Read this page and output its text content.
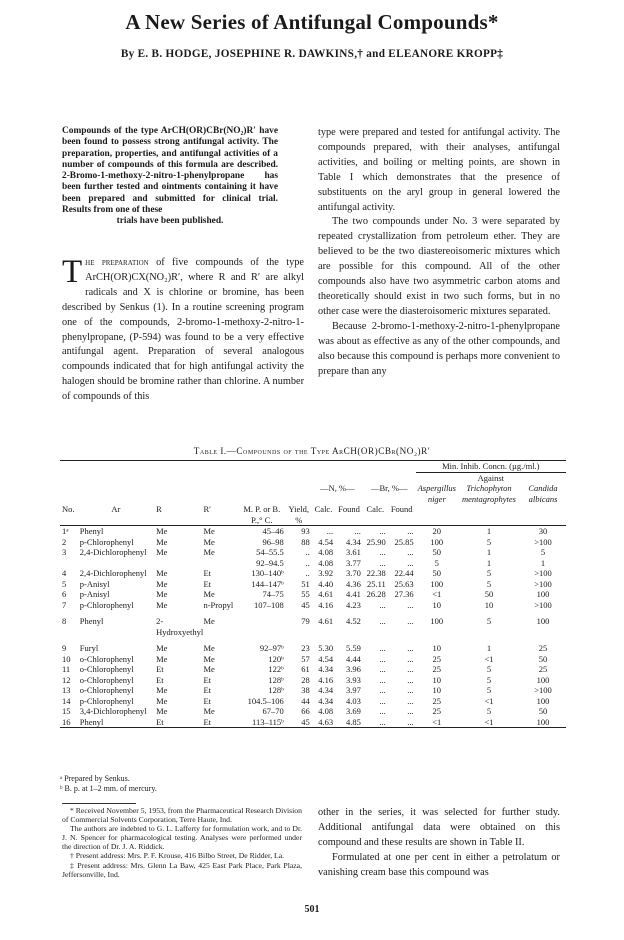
A New Series of Antifungal Compounds*
By E. B. HODGE, JOSEPHINE R. DAWKINS,† and ELEANORE KROPP‡
Compounds of the type ArCH(OR)CBr(NO₂)R′ have been found to possess strong antifungal activity. The preparation, properties, and antifungal activities of a number of compounds of this formula are described. 2-Bromo-1-methoxy-2-nitro-1-phenylpropane has been further tested and ointments containing it have been prepared and submitted for clinical trial. Results from one of these
trials have been published.
The preparation of five compounds of the type ArCH(OR)CX(NO₂)R′, where R and R′ are alkyl radicals and X is chlorine or bromine, has been described by Senkus (1). In a routine screening program one of the compounds, 2-bromo-1-methoxy-2-nitro-1-phenylpropane, (P-594) was found to be a very effective antifungal agent. Preparation of several analogous compounds indicated that for high antifungal activity the halogen should be bromine rather than chlorine. A number of compounds of this

type were prepared and tested for antifungal activity. The compounds prepared, with their analyses, antifungal activities, and boiling or melting points, are shown in Table I which demonstrates that the presence of substituents on the aryl group in general lowered the antifungal activity.

The two compounds under No. 3 were separated by repeated crystallization from petroleum ether. They are believed to be the two diastereoisomeric mixtures which are possible for this compound. All of the other compounds also have two asymmetric carbon atoms and theoretically should exist in two such forms, but in no other case were the diasteroisomeric mixtures separated.

Because 2-bromo-1-methoxy-2-nitro-1-phenylpropane was about as effective as any of the other compounds, and also because this compound is perhaps more convenient to prepare than any

Table I.—Compounds of the Type ArCH(OR)CBr(NO₂)R′
										Min. Inhib. Concn. (µg./ml.)		
										Against		
						—N, %—		—Br, %—		Aspergillus niger	Trichophyton mentagrophytes	Candida albicans
No.	Ar	R	R′	M. P. or B. P.,° C.	Yield, %	Calc.	Found	Calc.	Found			
1ᵃ	Phenyl	Me	Me	45–46	93	...	...	...	...	20	1	30
2	p-Chlorophenyl	Me	Me	96–98	88	4.54	4.34	25.90	25.85	100	5	>100
3	2,4-Dichlorophenyl	Me	Me	54–55.5	..	4.08	3.61	...	...	50	1	5
				92–94.5	..	4.08	3.77	...	...	5	1	1
4	2,4-Dichlorophenyl	Me	Et	130–140ᵇ	..	3.92	3.70	22.38	22.44	50	5	>100
5	p-Anisyl	Me	Et	144–147ᵇ	51	4.40	4.36	25.11	25.63	100	5	>100
6	p-Anisyl	Me	Me	74–75	55	4.61	4.41	26.28	27.36	<1	50	100
7	p-Chlorophenyl	Me	n-Propyl	107–108	45	4.16	4.23	...	...	10	10	>100
8	Phenyl	2-Hydroxyethyl	Me		79	4.61	4.52	...	...	100	5	100
9	Furyl	Me	Me	92–97ᵇ	23	5.30	5.59	...	...	10	1	25
10	o-Chlorophenyl	Me	Me	120ᵇ	57	4.54	4.44	...	...	25	<1	50
11	o-Chlorophenyl	Et	Me	122ᵇ	61	4.34	3.96	...	...	25	5	25
12	o-Chlorophenyl	Et	Et	128ᵇ	28	4.16	3.93	...	...	10	5	100
13	o-Chlorophenyl	Me	Et	128ᵇ	38	4.34	3.97	...	...	10	5	>100
14	p-Chlorophenyl	Me	Et	104.5–106	44	4.34	4.03	...	...	25	<1	100
15	3,4-Dichlorophenyl	Me	Me	67–70	66	4.08	3.69	...	...	25	5	50
16	Phenyl	Et	Et	113–115ᵇ	45	4.63	4.85	...	...	<1	<1	100
ᵃ Prepared by Senkus.
ᵇ B. p. at 1–2 mm. of mercury.

* Received November 5, 1953, from the Pharmaceutical Research Division of Commercial Solvents Corporation, Terre Haute, Ind.

The authors are indebted to G. L. Lafferty for formulation work, and to Dr. J. N. Spencer for pharmacological testing. Analyses were performed under the direction of Dr. J. A. Riddick.

† Present address: Mrs. P. F. Krouse, 416 Bilbo Street, De Ridder, La.

‡ Present address: Mrs. Glenn La Baw, 425 East Park Place, Park Plaza, Jeffersonville, Ind.

other in the series, it was selected for further study. Additional antifungal data were obtained on this compound and these results are shown in Table II.

Formulated at one per cent in either a petrolatum or vanishing cream base this compound was

501
